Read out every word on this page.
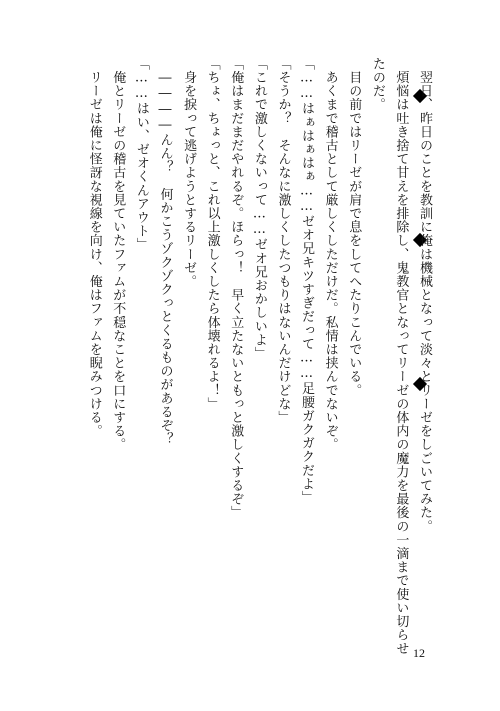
　翌日、昨日のことを教訓に俺は機械となって淡々とリーゼをしごいてみた。
　煩悩は吐き捨て甘えを排除し、鬼教官となってリーゼの体内の魔力を最後の一滴まで使い切らせ
たのだ。
　目の前ではリーゼが肩で息をしてへたりこんでいる。
　あくまで稽古として厳しくしただけだ。私情は挟んでないぞ。
「……はぁはぁはぁ……ゼオ兄キツすぎだって……足腰ガクガクだよ」
「そうか？　そんなに激しくしたつもりはないんだけどな」
「これで激しくないって……ゼオ兄おかしいよ」
「俺はまだまだやれるぞ。ほらっ！　早く立たないともっと激しくするぞ」
「ちょ、ちょっと、これ以上激しくしたら体壊れるよ！」
　身を捩って逃げようとするリーゼ。
　――――んん？　何かこうゾクゾクっとくるものがあるぞ？
「……はい、ゼオくんアウト」
　俺とリーゼの稽古を見ていたファムが不穏なことを口にする。
　リーゼは俺に怪訝な視線を向け、俺はファムを睨みつける。
12
